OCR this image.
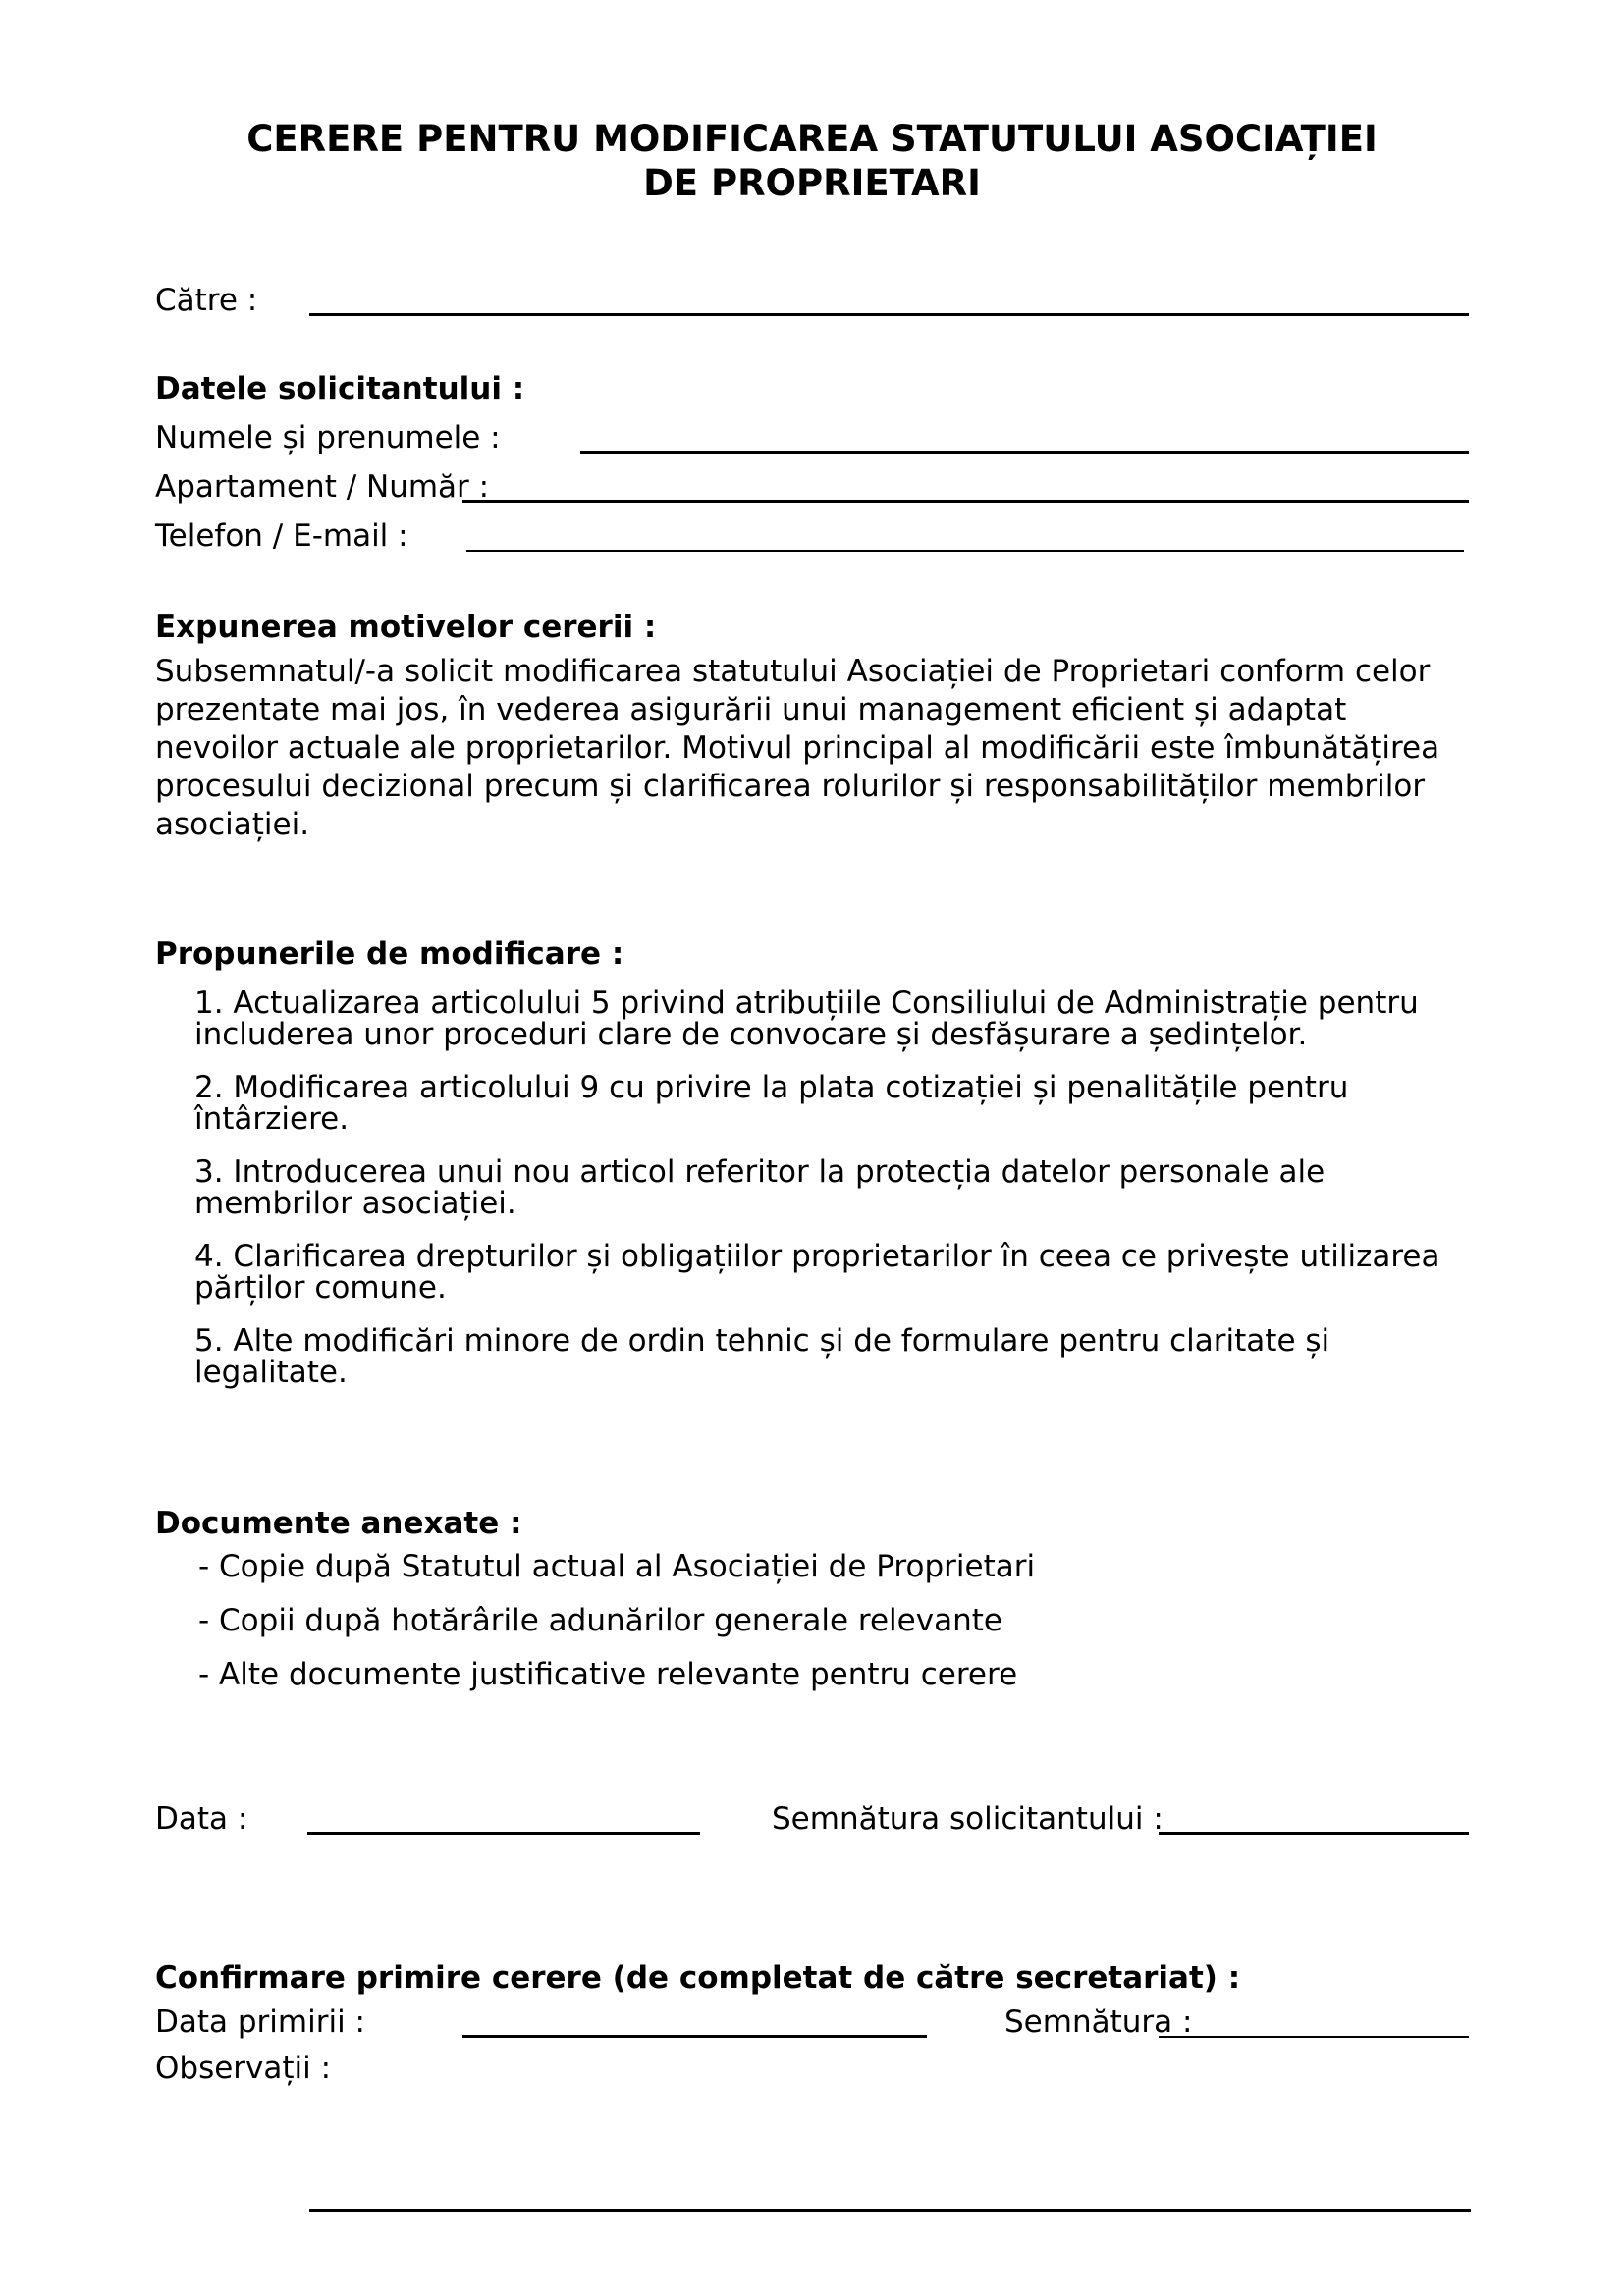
CERERE PENTRU MODIFICAREA STATUTULUI ASOCIAȚIEI DE PROPRIETARI
Către :
Datele solicitantului :
Numele și prenumele :
Apartament / Număr :
Telefon / E-mail :
Expunerea motivelor cererii :

Subsemnatul/-a solicit modificarea statutului Asociației de Proprietari conform celor prezentate mai jos, în vederea asigurării unui management eficient și adaptat nevoilor actuale ale proprietarilor. Motivul principal al modificării este îmbunătățirea procesului decizional precum și clarificarea rolurilor și responsabilităților membrilor asociației.

Propunerile de modificare :
1. Actualizarea articolului 5 privind atribuțiile Consiliului de Administrație pentru includerea unor proceduri clare de convocare și desfășurare a ședințelor.
2. Modificarea articolului 9 cu privire la plata cotizației și penalitățile pentru întârziere.
3. Introducerea unui nou articol referitor la protecția datelor personale ale membrilor asociației.
4. Clarificarea drepturilor și obligațiilor proprietarilor în ceea ce privește utilizarea părților comune.
5. Alte modificări minore de ordin tehnic și de formulare pentru claritate și legalitate.
Documente anexate :
- Copie după Statutul actual al Asociației de Proprietari
- Copii după hotărârile adunărilor generale relevante
- Alte documente justificative relevante pentru cerere
Data :	Semnătura solicitantului :
Confirmare primire cerere (de completat de către secretariat) :
Data primirii :	Semnătura :
Observații :
